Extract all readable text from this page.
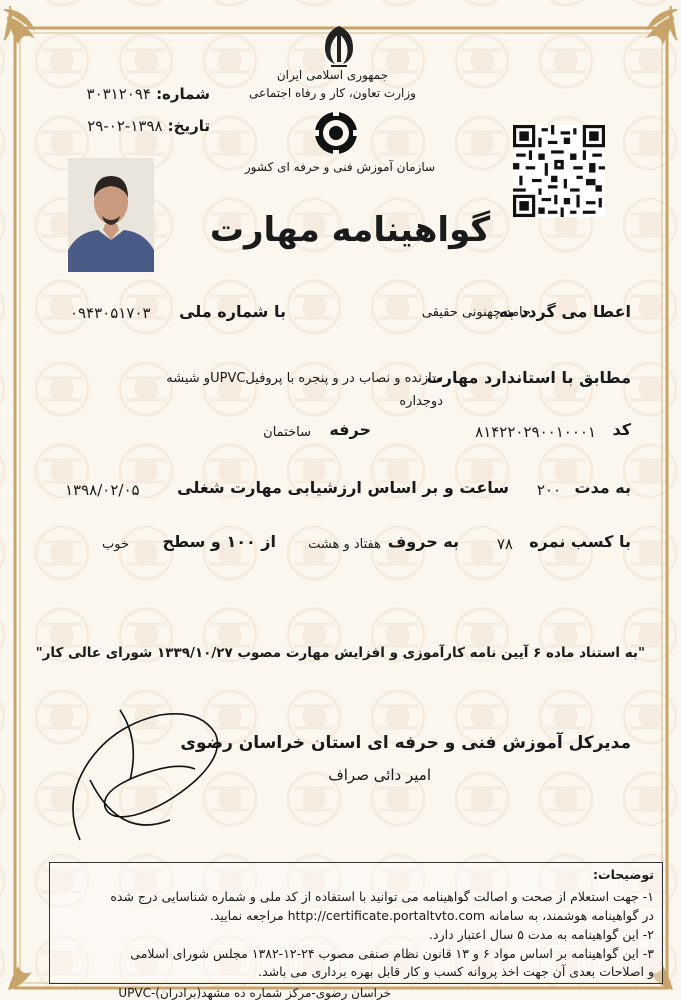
جمهوری اسلامی ایران
وزارت تعاون، کار و رفاه اجتماعی
سازمان آموزش فنی و حرفه ای کشور
شماره: ۳۰۳۱۲۰۹۴
تاریخ: ۱۳۹۸-۰۲-۲۹
گواهینامه مهارت
اعطا می گردد به
حامد چهنونی حقیقی
با شماره ملی
۰۹۴۳۰۵۱۷۰۳
مطابق با استاندارد مهارت
سازنده و نصاب در و پنجره با پروفیلUPVCو شیشه
دوجداره
کد
۸۱۴۲۲۰۲۹۰۰۱۰۰۰۱
حرفه
ساختمان
به مدت
۲۰۰
ساعت و بر اساس ارزشیابی مهارت شغلی
۱۳۹۸/۰۲/۰۵
با کسب نمره
۷۸
به حروف
هفتاد و هشت
از ۱۰۰ و سطح
خوب
"به استناد ماده ۶ آیین نامه کارآموزی و افزایش مهارت مصوب ۱۳۳۹/۱۰/۲۷ شورای عالی کار"
مدیرکل آموزش فنی و حرفه ای استان خراسان رضوی
امیر دائی صراف
توضیحات:
۱- جهت استعلام از صحت و اصالت گواهینامه می توانید با استفاده از کد ملی و شماره شناسایی درج شده
در گواهینامه هوشمند، به سامانه http://certificate.portaltvto.com مراجعه نمایید.
۲- این گواهینامه به مدت ۵ سال اعتبار دارد.
۳- این گواهینامه بر اساس مواد ۶ و ۱۳ قانون نظام صنفی مصوب ۲۴-۱۲-۱۳۸۲ مجلس شورای اسلامی
و اصلاحات بعدی آن جهت اخذ پروانه کسب و کار قابل بهره برداری می باشد.
خراسان رضوی-مرکز شماره ده مشهد(برادران)-UPVC
